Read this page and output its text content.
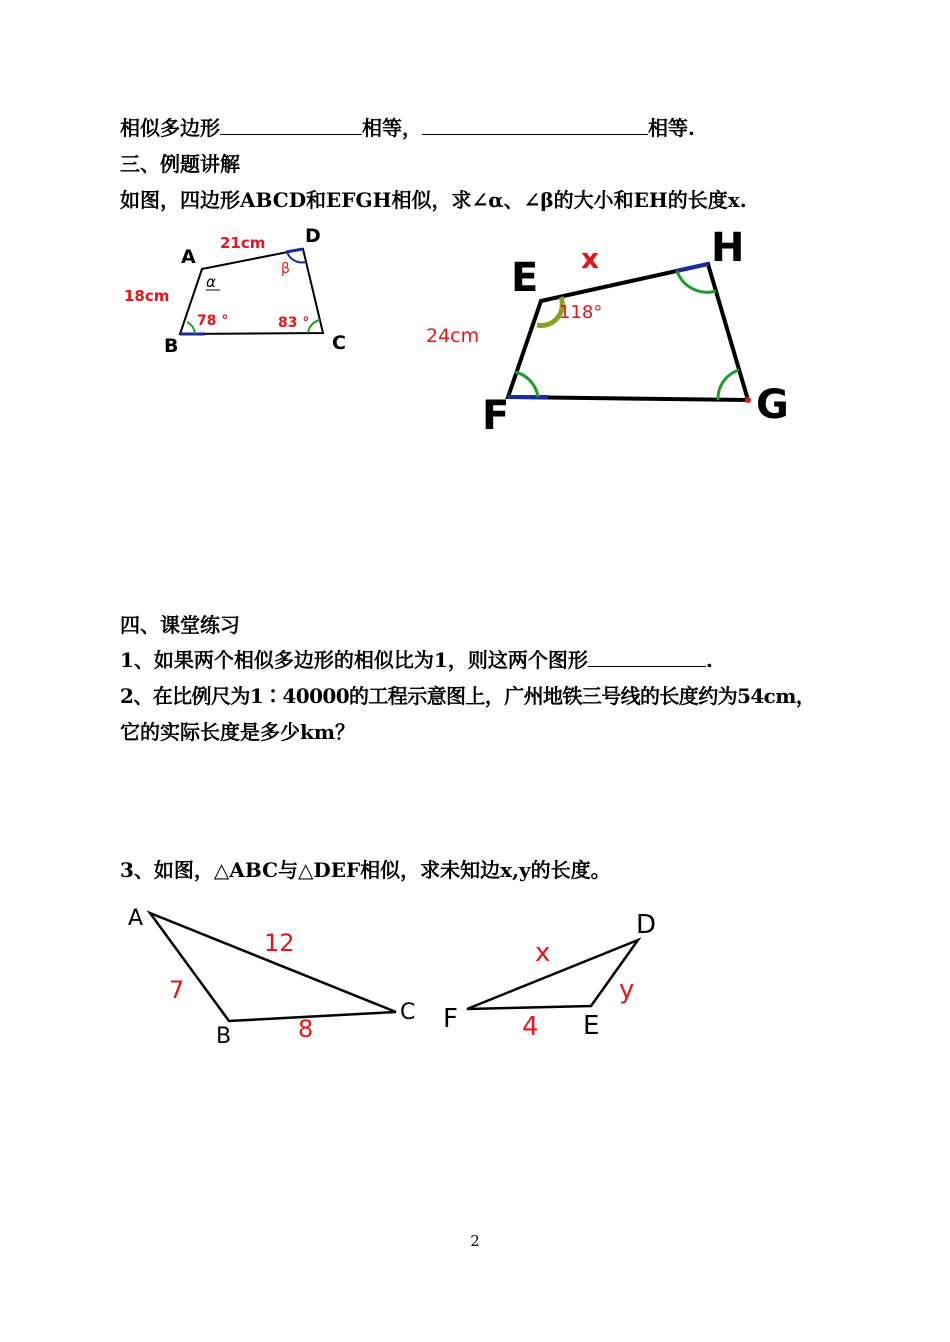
相似多边形	相等，	相等.
三、例题讲解
如图，四边形ABCD和EFGH相似，求∠α、∠β的大小和EH的长度x.
A
B	C
D
21cm
18cm
α
β
78 °	83 °
E
F	G
H
x
24cm
118°
A
B
C
7
12
8
D
E
F
x
y
4
四、课堂练习
1、如果两个相似多边形的相似比为1，则这两个图形	.
2、在比例尺为1∶40000的工程示意图上，广州地铁三号线的长度约为54cm，
它的实际长度是多少km？
3、如图，△ABC与△DEF相似，求未知边x,y的长度。
2
